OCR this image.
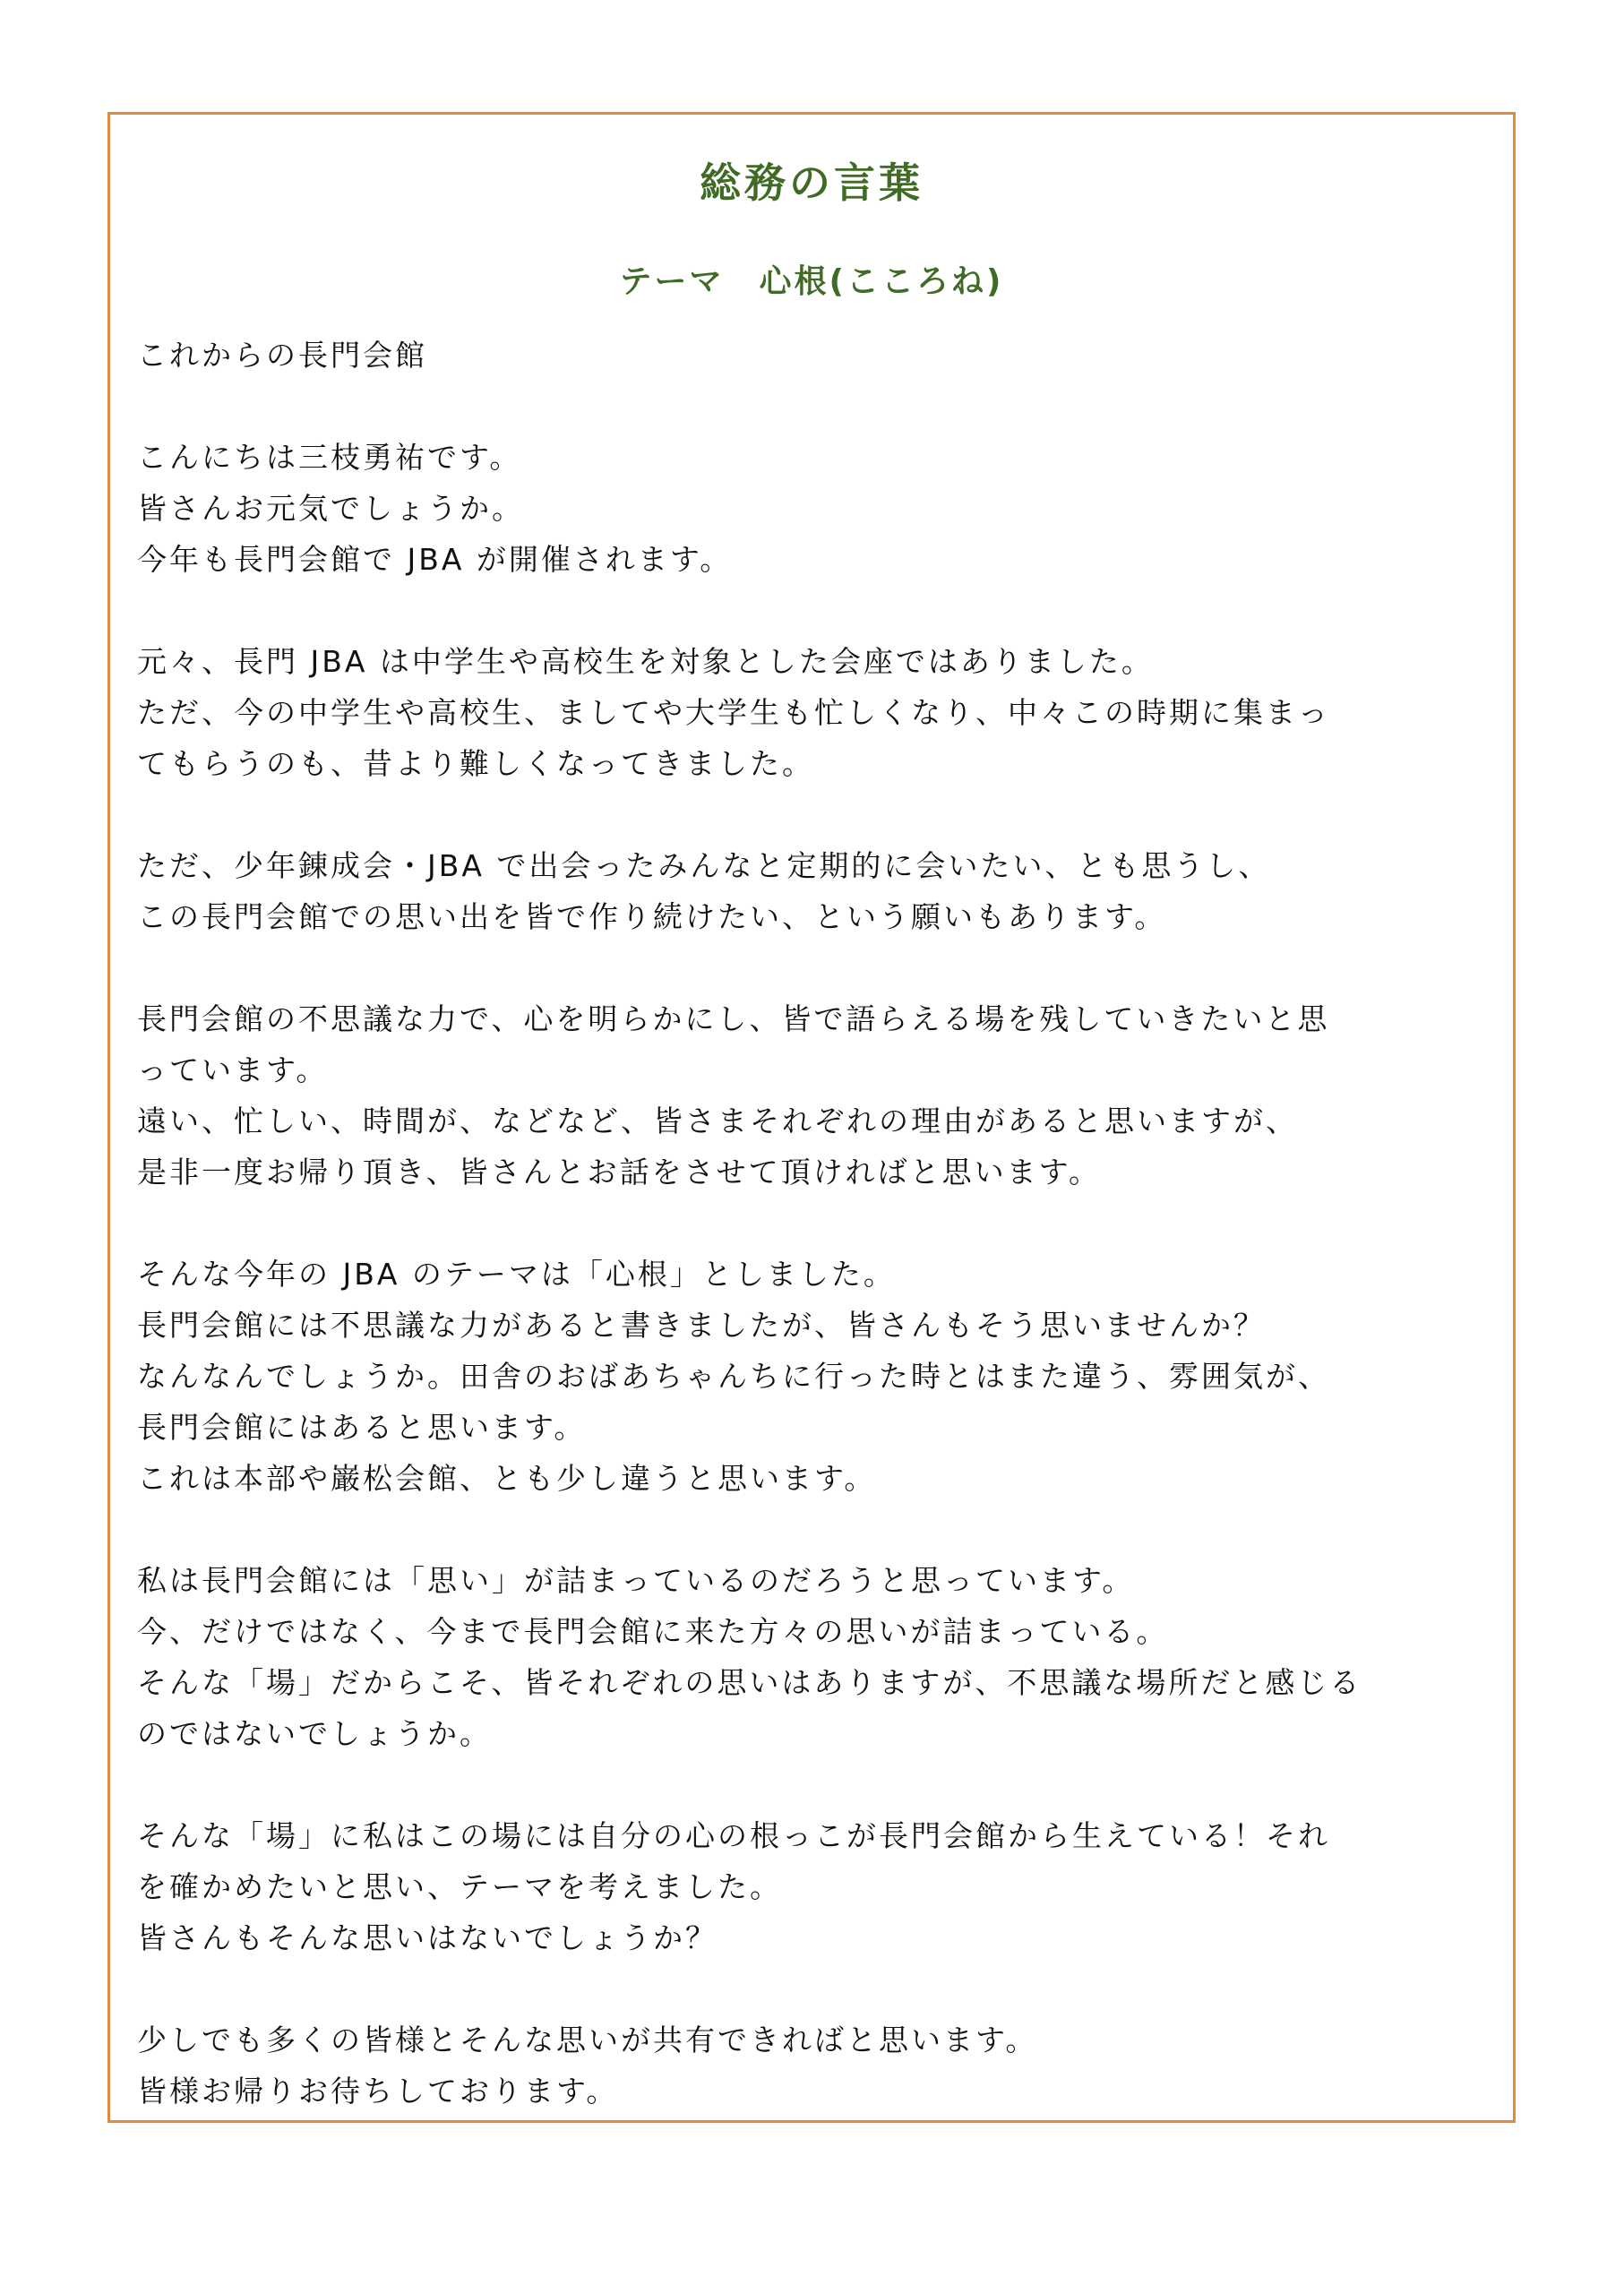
総務の言葉
テーマ　心根(こころね)
これからの長門会館
こんにちは三枝勇祐です。
皆さんお元気でしょうか。
今年も長門会館で JBA が開催されます。
元々、長門 JBA は中学生や高校生を対象とした会座ではありました。
ただ、今の中学生や高校生、ましてや大学生も忙しくなり、中々この時期に集まっ
てもらうのも、昔より難しくなってきました。
ただ、少年錬成会・JBA で出会ったみんなと定期的に会いたい、とも思うし、
この長門会館での思い出を皆で作り続けたい、という願いもあります。
長門会館の不思議な力で、心を明らかにし、皆で語らえる場を残していきたいと思
っています。
遠い、忙しい、時間が、などなど、皆さまそれぞれの理由があると思いますが、
是非一度お帰り頂き、皆さんとお話をさせて頂ければと思います。
そんな今年の JBA のテーマは「心根」としました。
長門会館には不思議な力があると書きましたが、皆さんもそう思いませんか？
なんなんでしょうか。田舎のおばあちゃんちに行った時とはまた違う、雰囲気が、
長門会館にはあると思います。
これは本部や巌松会館、とも少し違うと思います。
私は長門会館には「思い」が詰まっているのだろうと思っています。
今、だけではなく、今まで長門会館に来た方々の思いが詰まっている。
そんな「場」だからこそ、皆それぞれの思いはありますが、不思議な場所だと感じる
のではないでしょうか。
そんな「場」に私はこの場には自分の心の根っこが長門会館から生えている！それ
を確かめたいと思い、テーマを考えました。
皆さんもそんな思いはないでしょうか？
少しでも多くの皆様とそんな思いが共有できればと思います。
皆様お帰りお待ちしております。
